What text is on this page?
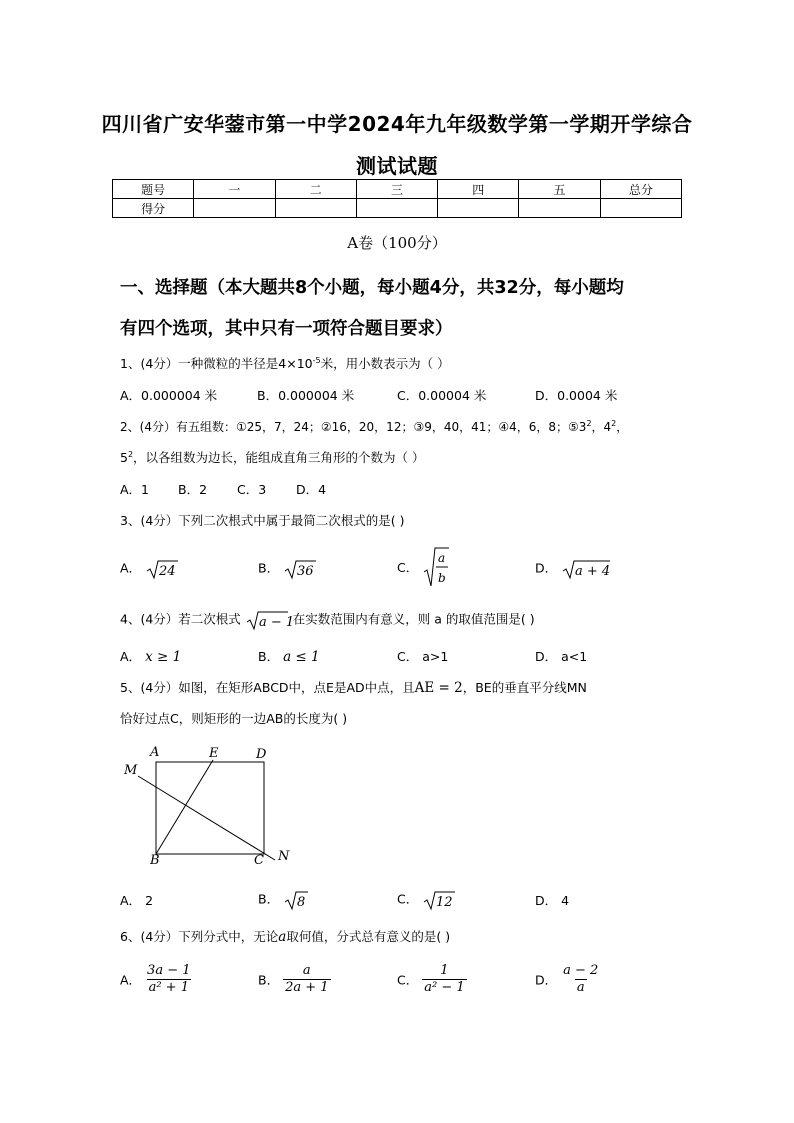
四川省广安华蓥市第一中学2024年九年级数学第一学期开学综合
测试试题
题号	一	二	三	四	五	总分
得分						
A卷（100分）
一、选择题（本大题共8个小题，每小题4分，共32分，每小题均
有四个选项，其中只有一项符合题目要求）
1、(4分）一种微粒的半径是$4\times 10^{-5}$米，用小数表示为（ ）
A．0.000004 米	B．0.000004 米	C．0.00004 米	D．0.0004 米
2、(4分）有五组数：①25，7，24；②16，20，12；③9，40，41；④4，6，8；$⑤3^2$，$4^2$，
$5^2$，以各组数为边长，能组成直角三角形的个数为（ ）
A．1 B．2 C．3 D．4
3、(4分）下列二次根式中属于最简二次根式的是( )
A． 24	B． 36	C．
a
b
D． a + 4
4、(4分）若二次根式 a − 1
在实数范围内有意义，则 a 的取值范围是( )
A． x ≥ 1	B． a ≤ 1	C． a>1	D． a<1
5、(4分）如图，在矩形ABCD中，点E是AD中点，且AE = 2，BE的垂直平分线MN
恰好过点C，则矩形的一边AB的长度为( )
A	E	D
M
B	C N
A． 2	B． 8	C． 12	D． 4
6、(4分）下列分式中，无论a取何值，分式总有意义的是( )
A． $\frac{3a - 1}{\text{a² + 1}}$	B． $\frac{a}{2a + 1}$	C． $\frac{1}{\text{a² − 1}}$	D． $\frac{a - 2}{a}$
